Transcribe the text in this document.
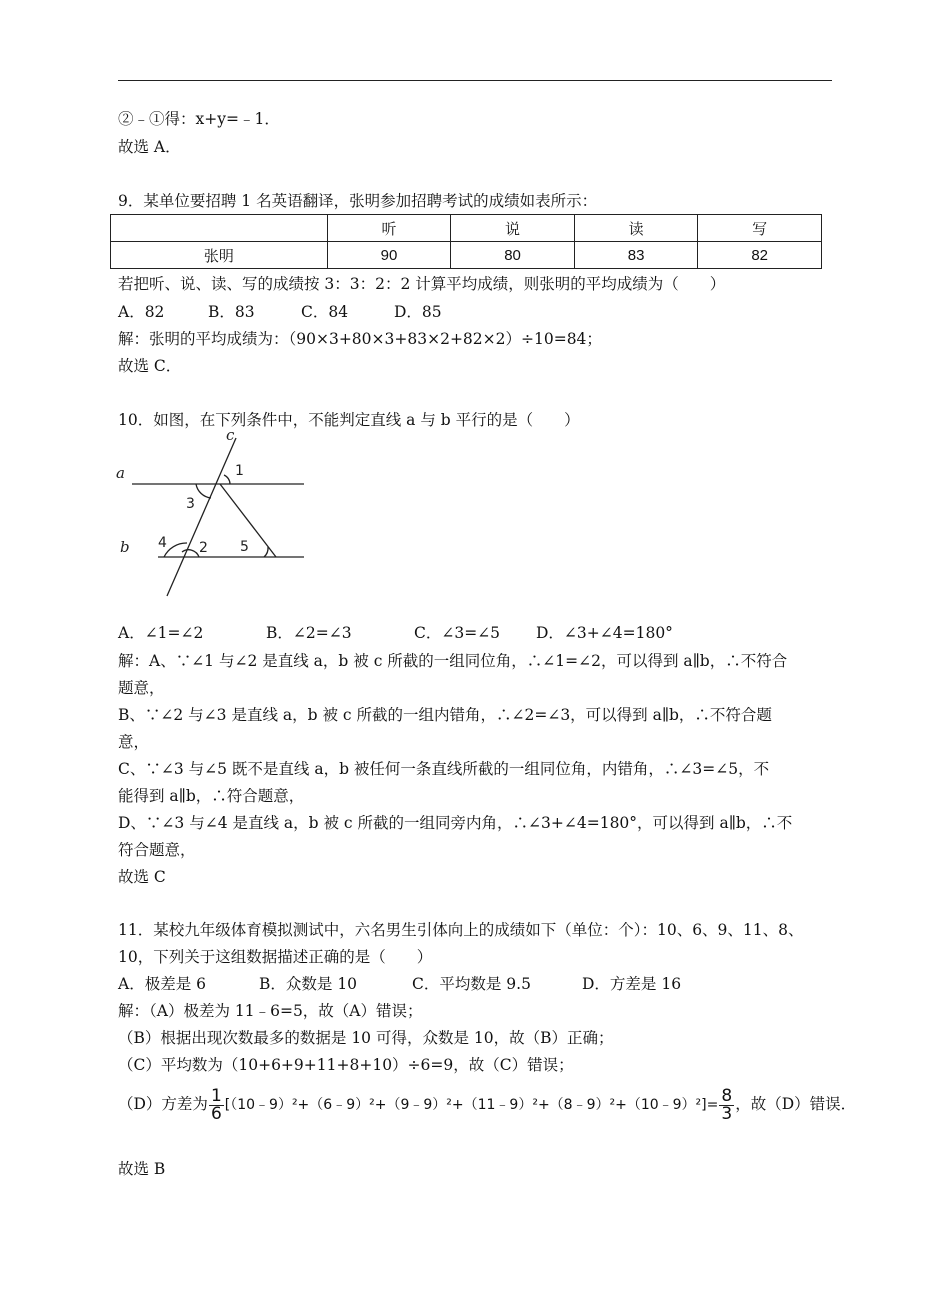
②﹣①得：x+y=﹣1．
故选 A．
9．某单位要招聘 1 名英语翻译，张明参加招聘考试的成绩如表所示：
	听	说	读	写
张明	90	80	83	82
若把听、说、读、写的成绩按 3：3：2：2 计算平均成绩，则张明的平均成绩为（　　）
A．82	B．83	C．84	D．85
解：张明的平均成绩为：（90×3+80×3+83×2+82×2）÷10=84；
故选 C．
10．如图，在下列条件中，不能判定直线 a 与 b 平行的是（　　）
c
a
b
1
3
4 2 5
A．∠1=∠2	B．∠2=∠3	C．∠3=∠5 D．∠3+∠4=180°
解：A、∵∠1 与∠2 是直线 a，b 被 c 所截的一组同位角，∴∠1=∠2，可以得到 a∥b，∴不符合
题意，
B、∵∠2 与∠3 是直线 a，b 被 c 所截的一组内错角，∴∠2=∠3，可以得到 a∥b，∴不符合题
意，
C、∵∠3 与∠5 既不是直线 a，b 被任何一条直线所截的一组同位角，内错角，∴∠3=∠5，不
能得到 a∥b，∴符合题意，
D、∵∠3 与∠4 是直线 a，b 被 c 所截的一组同旁内角，∴∠3+∠4=180°，可以得到 a∥b，∴不
符合题意，
故选 C
11．某校九年级体育模拟测试中，六名男生引体向上的成绩如下（单位：个）：10、6、9、11、8、
10，下列关于这组数据描述正确的是（　　）
A．极差是 6	B．众数是 10	C．平均数是 9.5	D．方差是 16
解：（A）极差为 11﹣6=5，故（A）错误；
（B）根据出现次数最多的数据是 10 可得，众数是 10，故（B）正确；
（C）平均数为（10+6+9+11+8+10）÷6=9，故（C）错误；
（D）方差为 $\frac{1}{6}$ [（10﹣9）²+（6﹣9）²+（9﹣9）²+（11﹣9）²+（8﹣9）²+（10﹣9）²]= $\frac{8}{3}$ ，故（D）错误．
故选 B
